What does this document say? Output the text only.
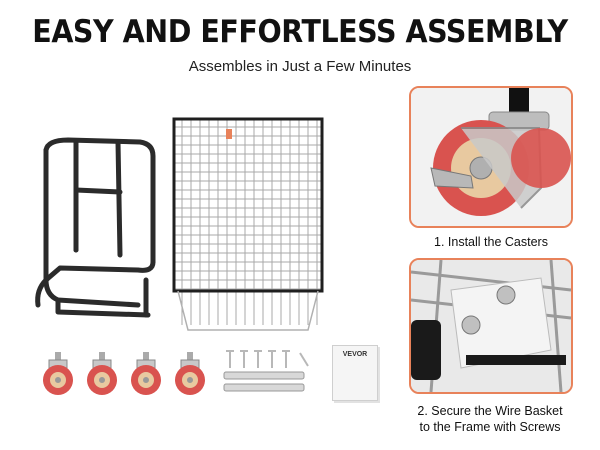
EASY AND EFFORTLESS ASSEMBLY
Assembles in Just a Few Minutes
VEVOR
1. Install the Casters
2. Secure the Wire Basket
to the Frame with Screws
